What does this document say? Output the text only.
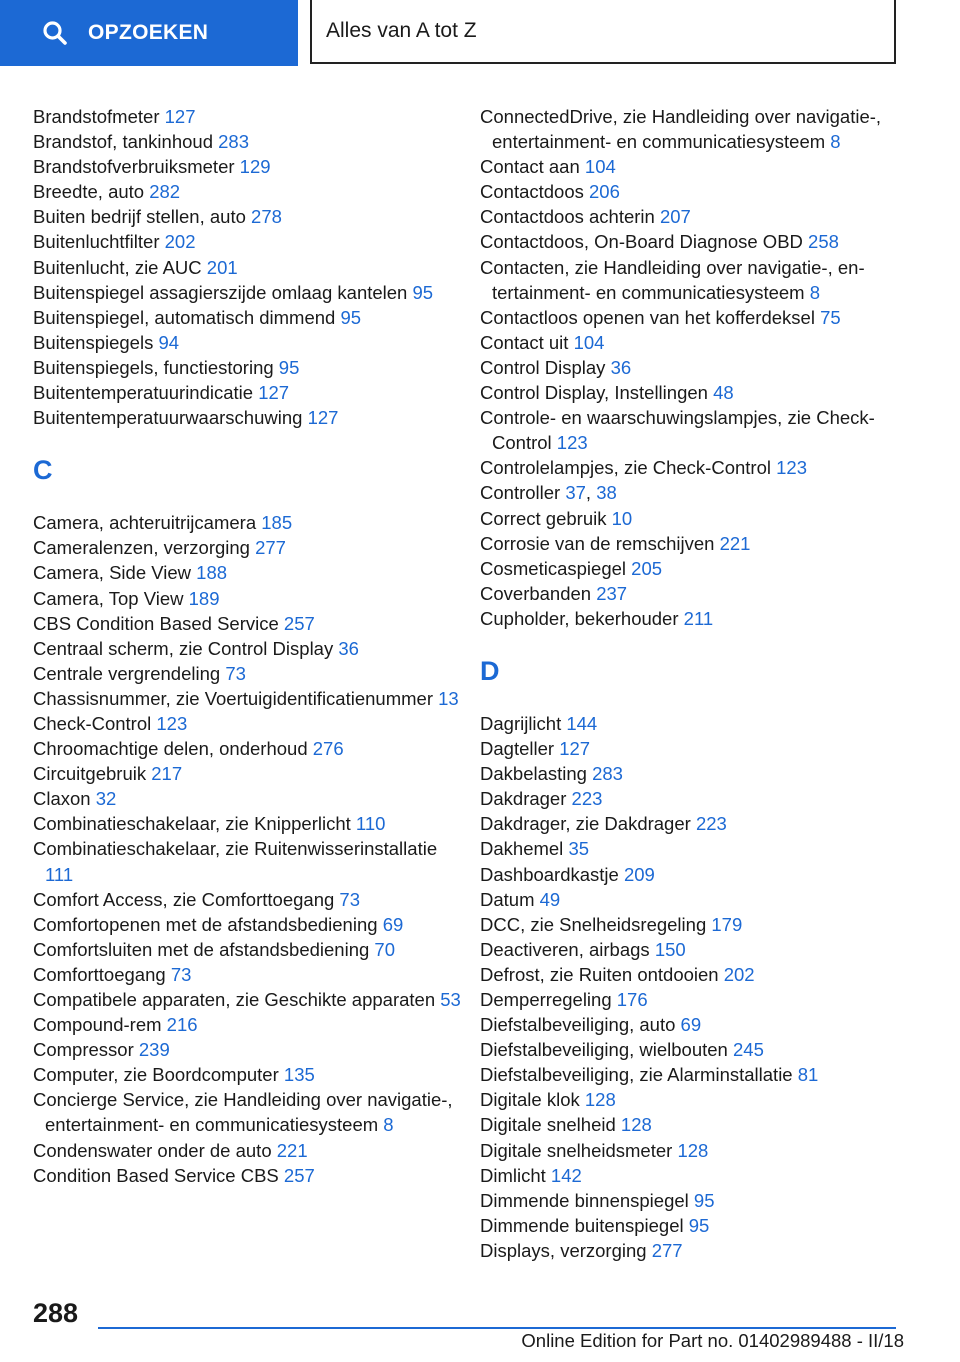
OPZOEKEN	Alles van A tot Z

Brandstofmeter 127

Brandstof, tankinhoud 283

Brandstofverbruiksmeter 129

Breedte, auto 282

Buiten bedrijf stellen, auto 278

Buitenluchtfilter 202

Buitenlucht, zie AUC 201

Buitenspiegel assagierszijde omlaag kantelen 95

Buitenspiegel, automatisch dimmend 95

Buitenspiegels 94

Buitenspiegels, functiestoring 95

Buitentemperatuurindicatie 127

Buitentemperatuurwaarschuwing 127

C

Camera, achteruitrijcamera 185

Cameralenzen, verzorging 277

Camera, Side View 188

Camera, Top View 189

CBS Condition Based Service 257

Centraal scherm, zie Control Display 36

Centrale vergrendeling 73

Chassisnummer, zie Voertuigidentificatienummer 13

Check-Control 123

Chroomachtige delen, onderhoud 276

Circuitgebruik 217

Claxon 32

Combinatieschakelaar, zie Knipperlicht 110

Combinatieschakelaar, zie Ruitenwisserinstallatie 111

Comfort Access, zie Comforttoegang 73

Comfortopenen met de afstandsbediening 69

Comfortsluiten met de afstandsbediening 70

Comforttoegang 73

Compatibele apparaten, zie Geschikte apparaten 53

Compound-rem 216

Compressor 239

Computer, zie Boordcomputer 135

Concierge Service, zie Handleiding over navigatie-, entertainment- en communicatiesysteem 8

Condenswater onder de auto 221

Condition Based Service CBS 257

ConnectedDrive, zie Handleiding over navigatie-, entertainment- en communicatiesysteem 8

Contact aan 104

Contactdoos 206

Contactdoos achterin 207

Contactdoos, On-Board Diagnose OBD 258

Contacten, zie Handleiding over navigatie-, entertainment- en communicatiesysteem 8

Contactloos openen van het kofferdeksel 75

Contact uit 104

Control Display 36

Control Display, Instellingen 48

Controle- en waarschuwingslampjes, zie Check-Control 123

Controlelampjes, zie Check-Control 123

Controller 37, 38

Correct gebruik 10

Corrosie van de remschijven 221

Cosmeticaspiegel 205

Coverbanden 237

Cupholder, bekerhouder 211

D

Dagrijlicht 144

Dagteller 127

Dakbelasting 283

Dakdrager 223

Dakdrager, zie Dakdrager 223

Dakhemel 35

Dashboardkastje 209

Datum 49

DCC, zie Snelheidsregeling 179

Deactiveren, airbags 150

Defrost, zie Ruiten ontdooien 202

Demperregeling 176

Diefstalbeveiliging, auto 69

Diefstalbeveiliging, wielbouten 245

Diefstalbeveiliging, zie Alarminstallatie 81

Digitale klok 128

Digitale snelheid 128

Digitale snelheidsmeter 128

Dimlicht 142

Dimmende binnenspiegel 95

Dimmende buitenspiegel 95

Displays, verzorging 277

288
Online Edition for Part no. 01402989488 - II/18
